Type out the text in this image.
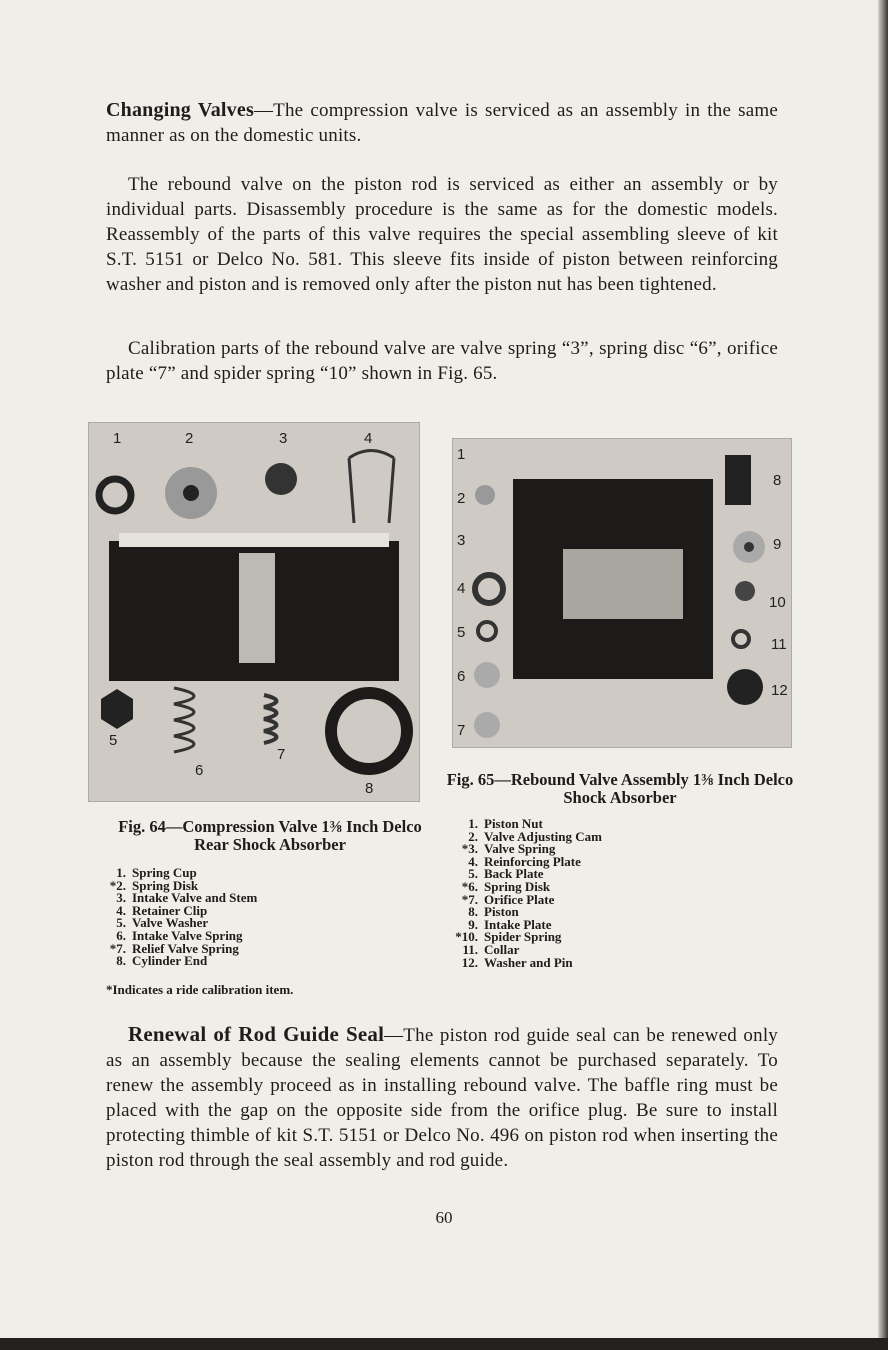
Changing Valves—The compression valve is serviced as an assembly in the same manner as on the domestic units.

The rebound valve on the piston rod is serviced as either an assembly or by individual parts. Disassembly procedure is the same as for the domestic models. Reassembly of the parts of this valve requires the special assembling sleeve of kit S.T. 5151 or Delco No. 581. This sleeve fits inside of piston between reinforcing washer and piston and is removed only after the piston nut has been tightened.

Calibration parts of the rebound valve are valve spring “3”, spring disc “6”, orifice plate “7” and spider spring “10” shown in Fig. 65.

1	2	3	4
5
6
7
8
1
2
3
4
5
6
7
8
9
10
11
12
Fig. 65—Rebound Valve Assembly 1⅜ Inch Delco Shock Absorber
Fig. 64—Compression Valve 1⅜ Inch Delco Rear Shock Absorber
1. Spring Cup
*2. Spring Disk
3. Intake Valve and Stem
4. Retainer Clip
5. Valve Washer
6. Intake Valve Spring
*7. Relief Valve Spring
8. Cylinder End
1. Piston Nut
2. Valve Adjusting Cam
*3. Valve Spring
4. Reinforcing Plate
5. Back Plate
*6. Spring Disk
*7. Orifice Plate
8. Piston
9. Intake Plate
*10. Spider Spring
11. Collar
12. Washer and Pin
*Indicates a ride calibration item.

Renewal of Rod Guide Seal—The piston rod guide seal can be renewed only as an assembly because the sealing elements cannot be purchased separately. To renew the assembly proceed as in installing rebound valve. The baffle ring must be placed with the gap on the opposite side from the orifice plug. Be sure to install protecting thimble of kit S.T. 5151 or Delco No. 496 on piston rod when inserting the piston rod through the seal assembly and rod guide.

60
